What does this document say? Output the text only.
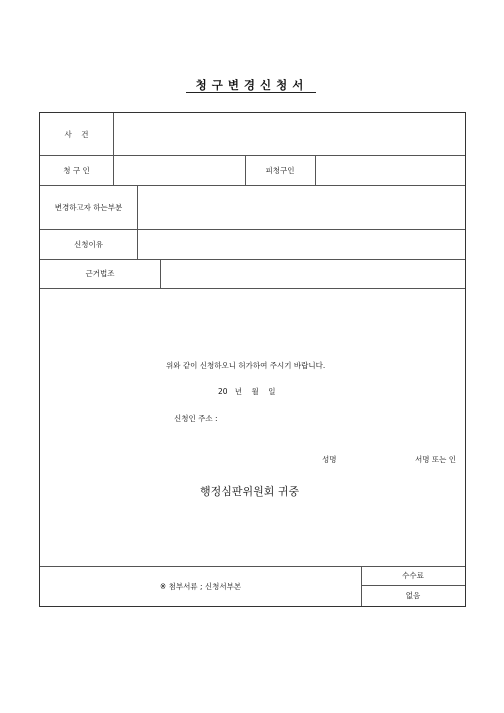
청구변경신청서
사    건
청 구 인	피청구인
변경하고자 하는부분
신청이유
근거법조
위와 같이 신청하오니 허가하여 주시기 바랍니다.
20   년    월    일
신청인 주소 :
성명	서명 또는 인
행정심판위원회 귀중
※ 첨부서류 ; 신청서부본
수수료
없음
